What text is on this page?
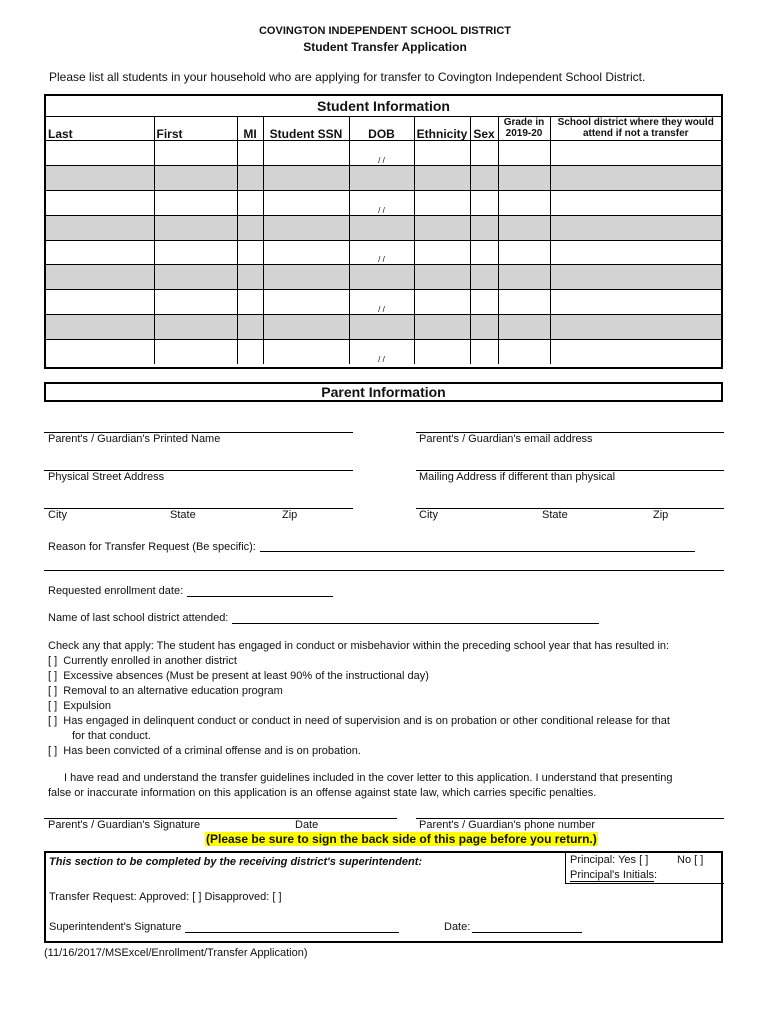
COVINGTON INDEPENDENT SCHOOL DISTRICT
Student Transfer Application
Please list all students in your household who are applying for transfer to Covington Independent School District.
Student Information
Last	First	MI	Student SSN	DOB	Ethnicity	Sex	Grade in 2019-20	School district where they would attend if not a transfer
				/ /				

				/ /				

				/ /				

				/ /				

				/ /				
Parent Information
Parent's / Guardian's Printed Name	Parent's / Guardian's email address
Physical Street Address	Mailing Address if different than physical
City	State	Zip	City	State	Zip
Reason for Transfer Request (Be specific):
Requested enrollment date:
Name of last school district attended:
Check any that apply: The student has engaged in conduct or misbehavior within the preceding school year that has resulted in:
[ ] Currently enrolled in another district
[ ] Excessive absences (Must be present at least 90% of the instructional day)
[ ] Removal to an alternative education program
[ ] Expulsion
[ ] Has engaged in delinquent conduct or conduct in need of supervision and is on probation or other conditional release for that
for that conduct.
[ ] Has been convicted of a criminal offense and is on probation.
I have read and understand the transfer guidelines included in the cover letter to this application. I understand that presenting
false or inaccurate information on this application is an offense against state law, which carries specific penalties.
Parent's / Guardian's Signature	Date	Parent's / Guardian's phone number
(Please be sure to sign the back side of this page before you return.)
This section to be completed by the receiving district's superintendent:	Principal: Yes [ ]	No [ ]
Principal's Initials:
Transfer Request: Approved: [ ] Disapproved: [ ]
Superintendent's Signature	Date:
(11/16/2017/MSExcel/Enrollment/Transfer Application)
